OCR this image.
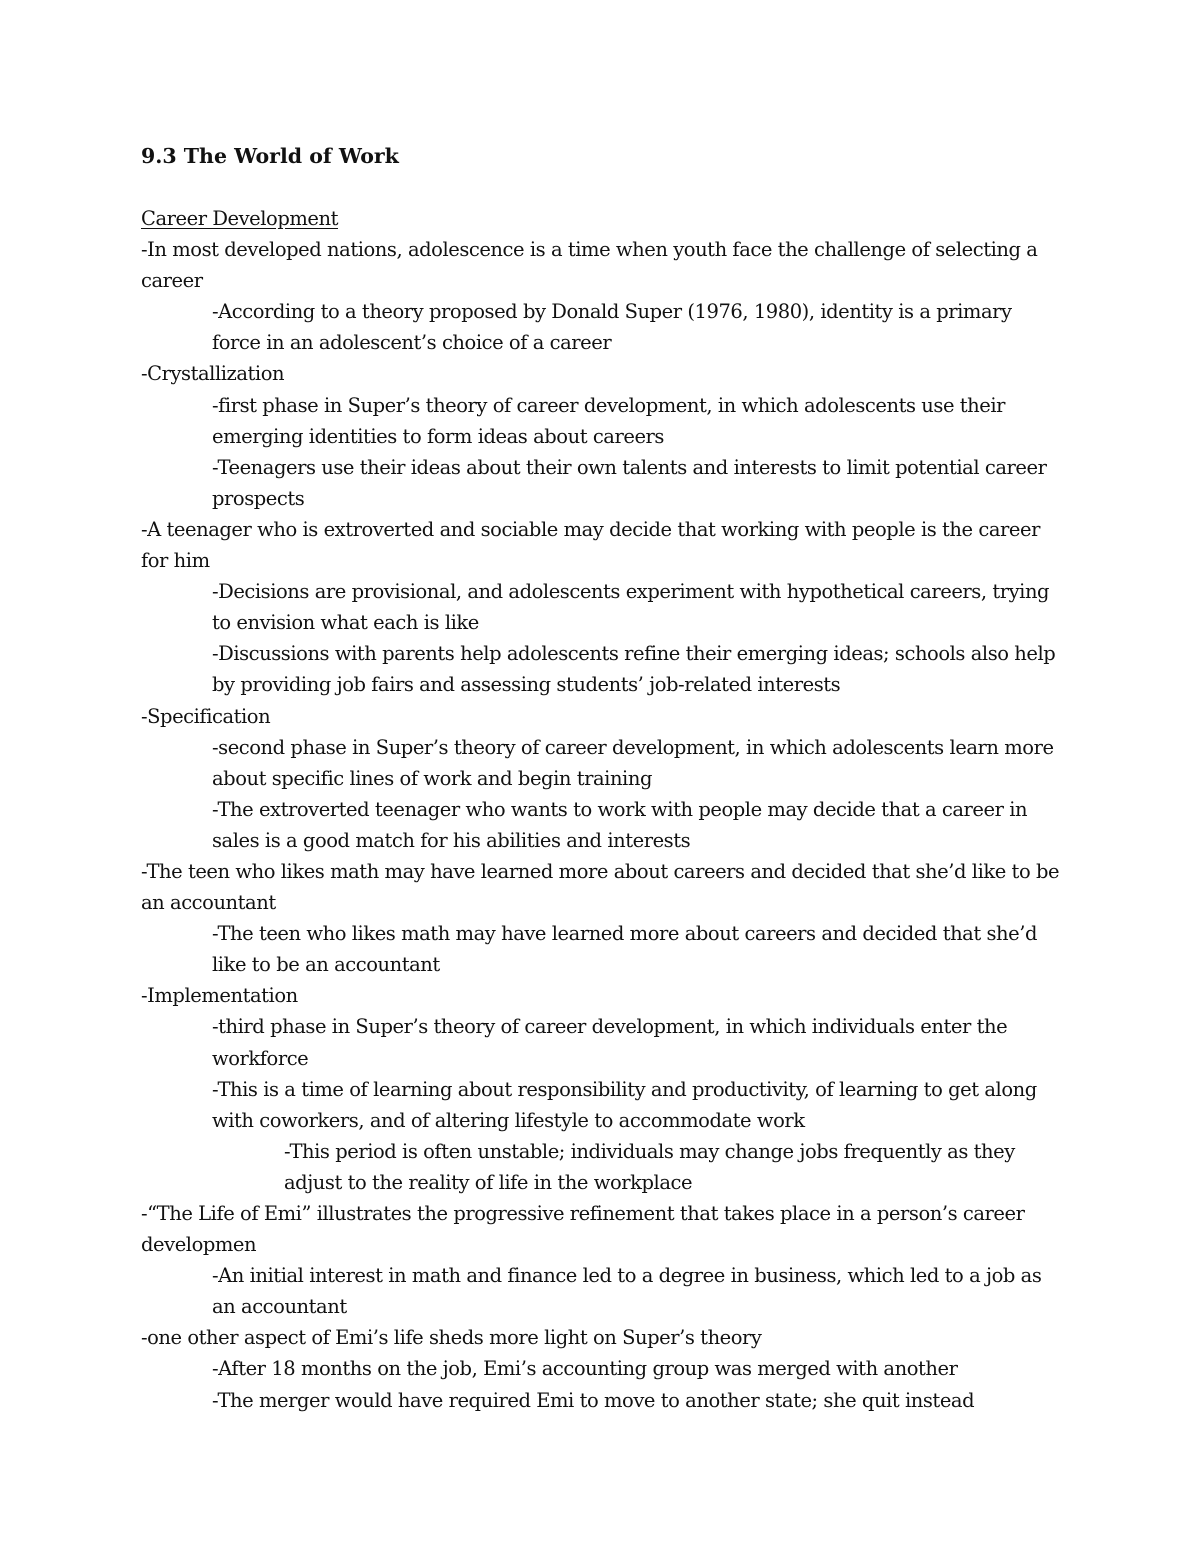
9.3 The World of Work

Career Development

-In most developed nations, adolescence is a time when youth face the challenge of selecting a career

-According to a theory proposed by Donald Super (1976, 1980), identity is a primary force in an adolescent’s choice of a career

-Crystallization

-first phase in Super’s theory of career development, in which adolescents use their emerging identities to form ideas about careers

-Teenagers use their ideas about their own talents and interests to limit potential career prospects

-A teenager who is extroverted and sociable may decide that working with people is the career for him

-Decisions are provisional, and adolescents experiment with hypothetical careers, trying to envision what each is like

-Discussions with parents help adolescents refine their emerging ideas; schools also help by providing job fairs and assessing students’ job-related interests

-Specification

-second phase in Super’s theory of career development, in which adolescents learn more about specific lines of work and begin training

-The extroverted teenager who wants to work with people may decide that a career in sales is a good match for his abilities and interests

-The teen who likes math may have learned more about careers and decided that she’d like to be an accountant

-The teen who likes math may have learned more about careers and decided that she’d like to be an accountant

-Implementation

-third phase in Super’s theory of career development, in which individuals enter the workforce

-This is a time of learning about responsibility and productivity, of learning to get along with coworkers, and of altering lifestyle to accommodate work

-This period is often unstable; individuals may change jobs frequently as they adjust to the reality of life in the workplace

-“The Life of Emi” illustrates the progressive refinement that takes place in a person’s career developmen

-An initial interest in math and finance led to a degree in business, which led to a job as an accountant

-one other aspect of Emi’s life sheds more light on Super’s theory

-After 18 months on the job, Emi’s accounting group was merged with another

-The merger would have required Emi to move to another state; she quit instead
